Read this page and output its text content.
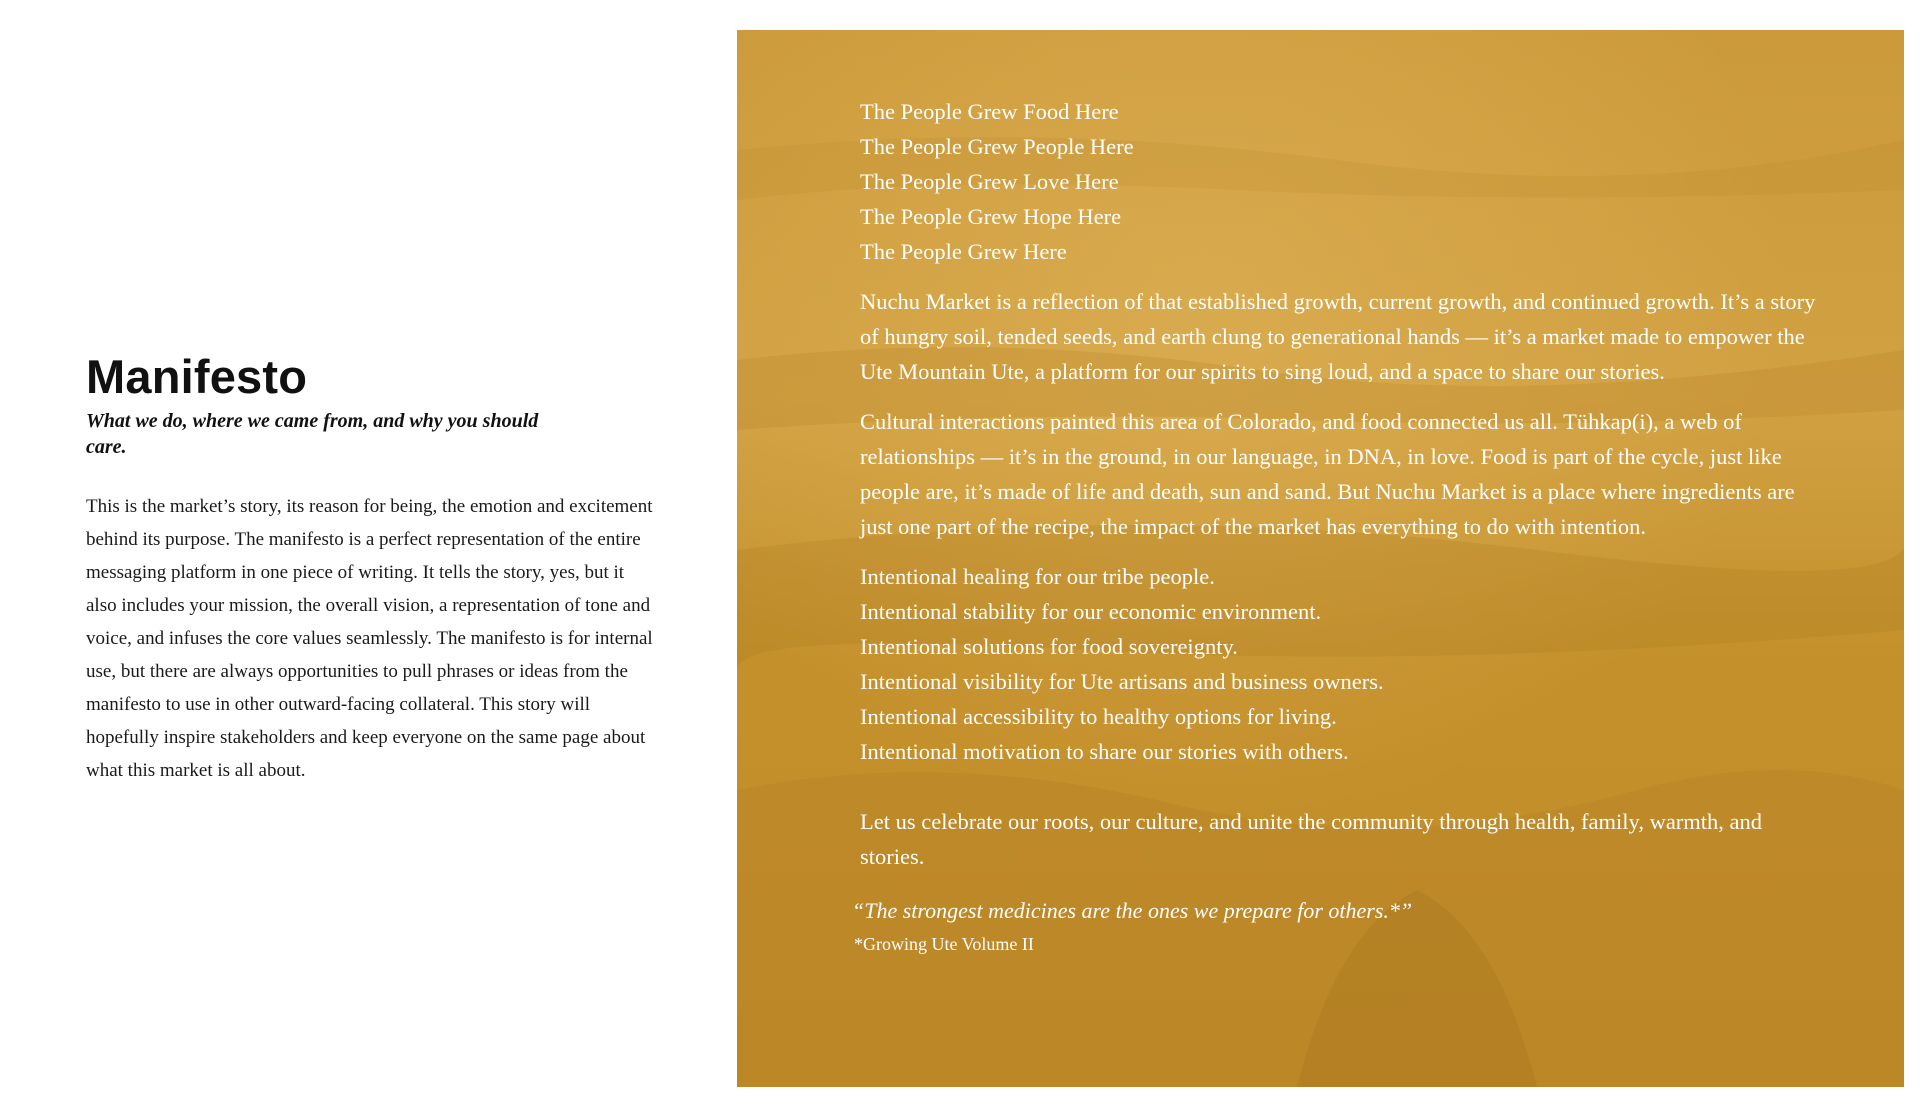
Manifesto

What we do, where we came from, and why you should care.

This is the market’s story, its reason for being, the emotion and excitement behind its purpose. The manifesto is a perfect representation of the entire messaging platform in one piece of writing. It tells the story, yes, but it also includes your mission, the overall vision, a representation of tone and voice, and infuses the core values seamlessly. The manifesto is for internal use, but there are always opportunities to pull phrases or ideas from the manifesto to use in other outward-facing collateral. This story will hopefully inspire stakeholders and keep everyone on the same page about what this market is all about.

The People Grew Food Here
The People Grew People Here
The People Grew Love Here
The People Grew Hope Here
The People Grew Here

Nuchu Market is a reflection of that established growth, current growth, and continued growth. It’s a story of hungry soil, tended seeds, and earth clung to generational hands — it’s a market made to empower the Ute Mountain Ute, a platform for our spirits to sing loud, and a space to share our stories.

Cultural interactions painted this area of Colorado, and food connected us all. Tühkap(i), a web of relationships — it’s in the ground, in our language, in DNA, in love. Food is part of the cycle, just like people are, it’s made of life and death, sun and sand. But Nuchu Market is a place where ingredients are just one part of the recipe, the impact of the market has everything to do with intention.

Intentional healing for our tribe people.
Intentional stability for our economic environment.
Intentional solutions for food sovereignty.
Intentional visibility for Ute artisans and business owners.
Intentional accessibility to healthy options for living.
Intentional motivation to share our stories with others.

Let us celebrate our roots, our culture, and unite the community through health, family, warmth, and stories.

“The strongest medicines are the ones we prepare for others.*”

*Growing Ute Volume II
